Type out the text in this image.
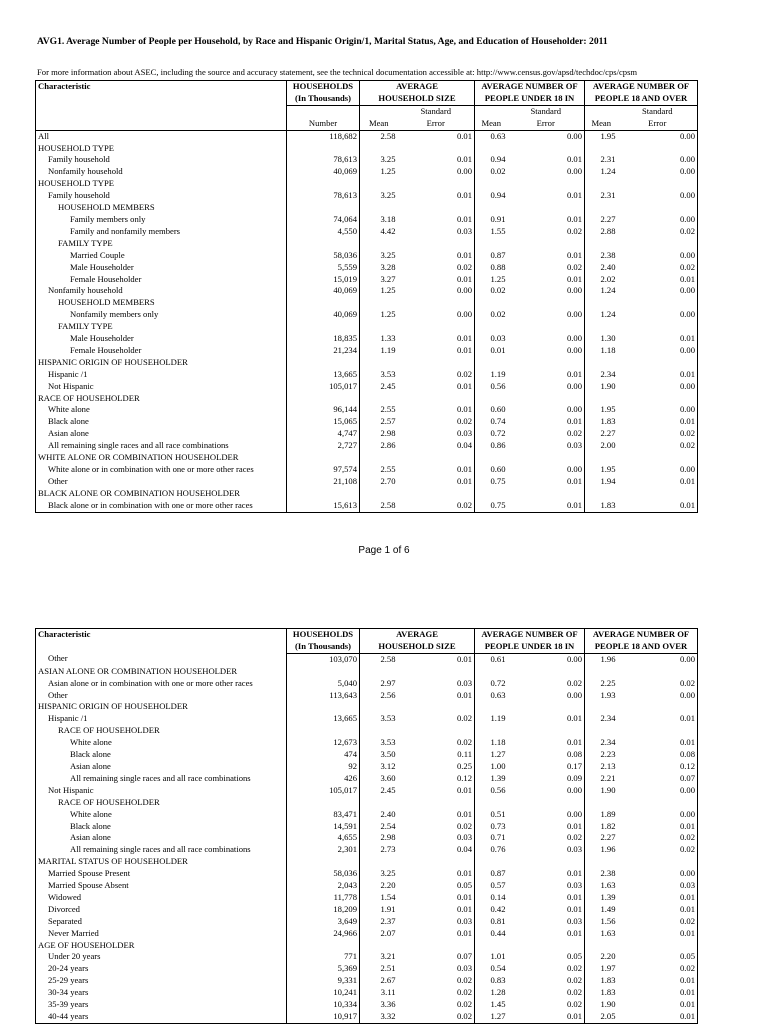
AVG1. Average Number of People per Household, by Race and Hispanic Origin/1, Marital Status, Age, and Education of Householder: 2011
For more information about ASEC, including the source and accuracy statement, see the technical documentation accessible at: http://www.census.gov/apsd/techdoc/cps/cpsm
Characteristic	HOUSEHOLDS	AVERAGE		AVERAGE NUMBER OF		AVERAGE NUMBER OF	
	(In Thousands)	HOUSEHOLD SIZE		PEOPLE UNDER 18 IN		PEOPLE 18 AND OVER	
			Standard		Standard		Standard
	Number	Mean	Error	Mean	Error	Mean	Error
All	118,682	2.58	0.01	0.63	0.00	1.95	0.00
HOUSEHOLD TYPE							
Family household	78,613	3.25	0.01	0.94	0.01	2.31	0.00
Nonfamily household	40,069	1.25	0.00	0.02	0.00	1.24	0.00
HOUSEHOLD TYPE							
Family household	78,613	3.25	0.01	0.94	0.01	2.31	0.00
HOUSEHOLD MEMBERS							
Family members only	74,064	3.18	0.01	0.91	0.01	2.27	0.00
Family and nonfamily members	4,550	4.42	0.03	1.55	0.02	2.88	0.02
FAMILY TYPE							
Married Couple	58,036	3.25	0.01	0.87	0.01	2.38	0.00
Male Householder	5,559	3.28	0.02	0.88	0.02	2.40	0.02
Female Householder	15,019	3.27	0.01	1.25	0.01	2.02	0.01
Nonfamily household	40,069	1.25	0.00	0.02	0.00	1.24	0.00
HOUSEHOLD MEMBERS							
Nonfamily members only	40,069	1.25	0.00	0.02	0.00	1.24	0.00
FAMILY TYPE							
Male Householder	18,835	1.33	0.01	0.03	0.00	1.30	0.01
Female Householder	21,234	1.19	0.01	0.01	0.00	1.18	0.00
HISPANIC ORIGIN OF HOUSEHOLDER							
Hispanic /1	13,665	3.53	0.02	1.19	0.01	2.34	0.01
Not Hispanic	105,017	2.45	0.01	0.56	0.00	1.90	0.00
RACE OF HOUSEHOLDER							
White alone	96,144	2.55	0.01	0.60	0.00	1.95	0.00
Black alone	15,065	2.57	0.02	0.74	0.01	1.83	0.01
Asian alone	4,747	2.98	0.03	0.72	0.02	2.27	0.02
All remaining single races and all race combinations	2,727	2.86	0.04	0.86	0.03	2.00	0.02
WHITE ALONE OR COMBINATION HOUSEHOLDER							
White alone or in combination with one or more other races	97,574	2.55	0.01	0.60	0.00	1.95	0.00
Other	21,108	2.70	0.01	0.75	0.01	1.94	0.01
BLACK ALONE OR COMBINATION HOUSEHOLDER							
Black alone or in combination with one or more other races	15,613	2.58	0.02	0.75	0.01	1.83	0.01
Page 1 of 6
Characteristic	HOUSEHOLDS	AVERAGE		AVERAGE NUMBER OF		AVERAGE NUMBER OF	
	(In Thousands)	HOUSEHOLD SIZE		PEOPLE UNDER 18 IN		PEOPLE 18 AND OVER	
Other	103,070	2.58	0.01	0.61	0.00	1.96	0.00
ASIAN ALONE OR COMBINATION HOUSEHOLDER							
Asian alone or in combination with one or more other races	5,040	2.97	0.03	0.72	0.02	2.25	0.02
Other	113,643	2.56	0.01	0.63	0.00	1.93	0.00
HISPANIC ORIGIN OF HOUSEHOLDER							
Hispanic /1	13,665	3.53	0.02	1.19	0.01	2.34	0.01
RACE OF HOUSEHOLDER							
White alone	12,673	3.53	0.02	1.18	0.01	2.34	0.01
Black alone	474	3.50	0.11	1.27	0.08	2.23	0.08
Asian alone	92	3.12	0.25	1.00	0.17	2.13	0.12
All remaining single races and all race combinations	426	3.60	0.12	1.39	0.09	2.21	0.07
Not Hispanic	105,017	2.45	0.01	0.56	0.00	1.90	0.00
RACE OF HOUSEHOLDER							
White alone	83,471	2.40	0.01	0.51	0.00	1.89	0.00
Black alone	14,591	2.54	0.02	0.73	0.01	1.82	0.01
Asian alone	4,655	2.98	0.03	0.71	0.02	2.27	0.02
All remaining single races and all race combinations	2,301	2.73	0.04	0.76	0.03	1.96	0.02
MARITAL STATUS OF HOUSEHOLDER							
Married Spouse Present	58,036	3.25	0.01	0.87	0.01	2.38	0.00
Married Spouse Absent	2,043	2.20	0.05	0.57	0.03	1.63	0.03
Widowed	11,778	1.54	0.01	0.14	0.01	1.39	0.01
Divorced	18,209	1.91	0.01	0.42	0.01	1.49	0.01
Separated	3,649	2.37	0.03	0.81	0.03	1.56	0.02
Never Married	24,966	2.07	0.01	0.44	0.01	1.63	0.01
AGE OF HOUSEHOLDER							
Under 20 years	771	3.21	0.07	1.01	0.05	2.20	0.05
20-24 years	5,369	2.51	0.03	0.54	0.02	1.97	0.02
25-29 years	9,331	2.67	0.02	0.83	0.02	1.83	0.01
30-34 years	10,241	3.11	0.02	1.28	0.02	1.83	0.01
35-39 years	10,334	3.36	0.02	1.45	0.02	1.90	0.01
40-44 years	10,917	3.32	0.02	1.27	0.01	2.05	0.01
